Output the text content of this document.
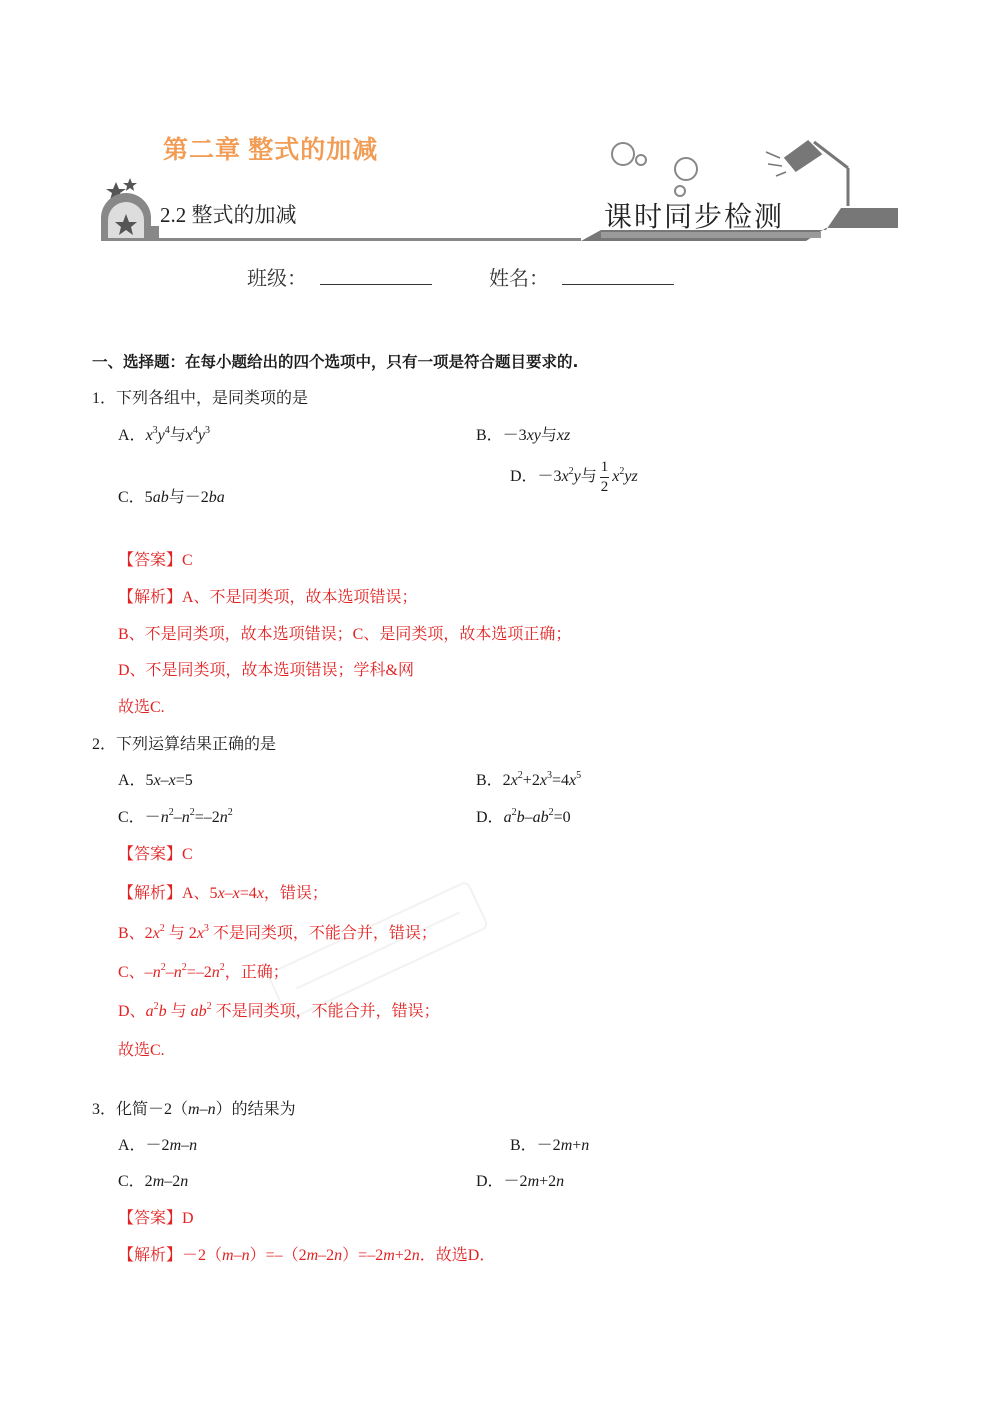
第二章 整式的加减
2.2 整式的加减	课时同步检测
班级：	姓名：
一、选择题：在每小题给出的四个选项中，只有一项是符合题目要求的.
1．下列各组中，是同类项的是
A．$x^3y^4$与$x^4y^3$	B．－3xy与xz
C．5ab与－2ba
D．$-3x^2y$与 $\frac{1}{2} x^2yz$
【答案】C
【解析】A、不是同类项，故本选项错误；
B、不是同类项，故本选项错误；C、是同类项，故本选项正确；
D、不是同类项，故本选项错误；学科&网
故选C.
2．下列运算结果正确的是
A．5x–x=5	B．$2x^2+2x^3=4x^5$
C．$-n^2-n^2=-2n^2$	D．$a^2b-ab^2=0$
【答案】C
【解析】A、5x–x=4x，错误；
B、$2x^2$ 与 $2x^3$ 不是同类项，不能合并，错误；
C、$-n^2-n^2=-2n^2$，正确；
D、$a^2b$ 与 $ab^2$ 不是同类项，不能合并，错误；
故选C.
3．化简－2（m–n）的结果为
A．－2m–n	B．－2m+n
C．2m–2n	D．－2m+2n
【答案】D
【解析】－2（m–n）=–（2m–2n）=–2m+2n．故选D．
